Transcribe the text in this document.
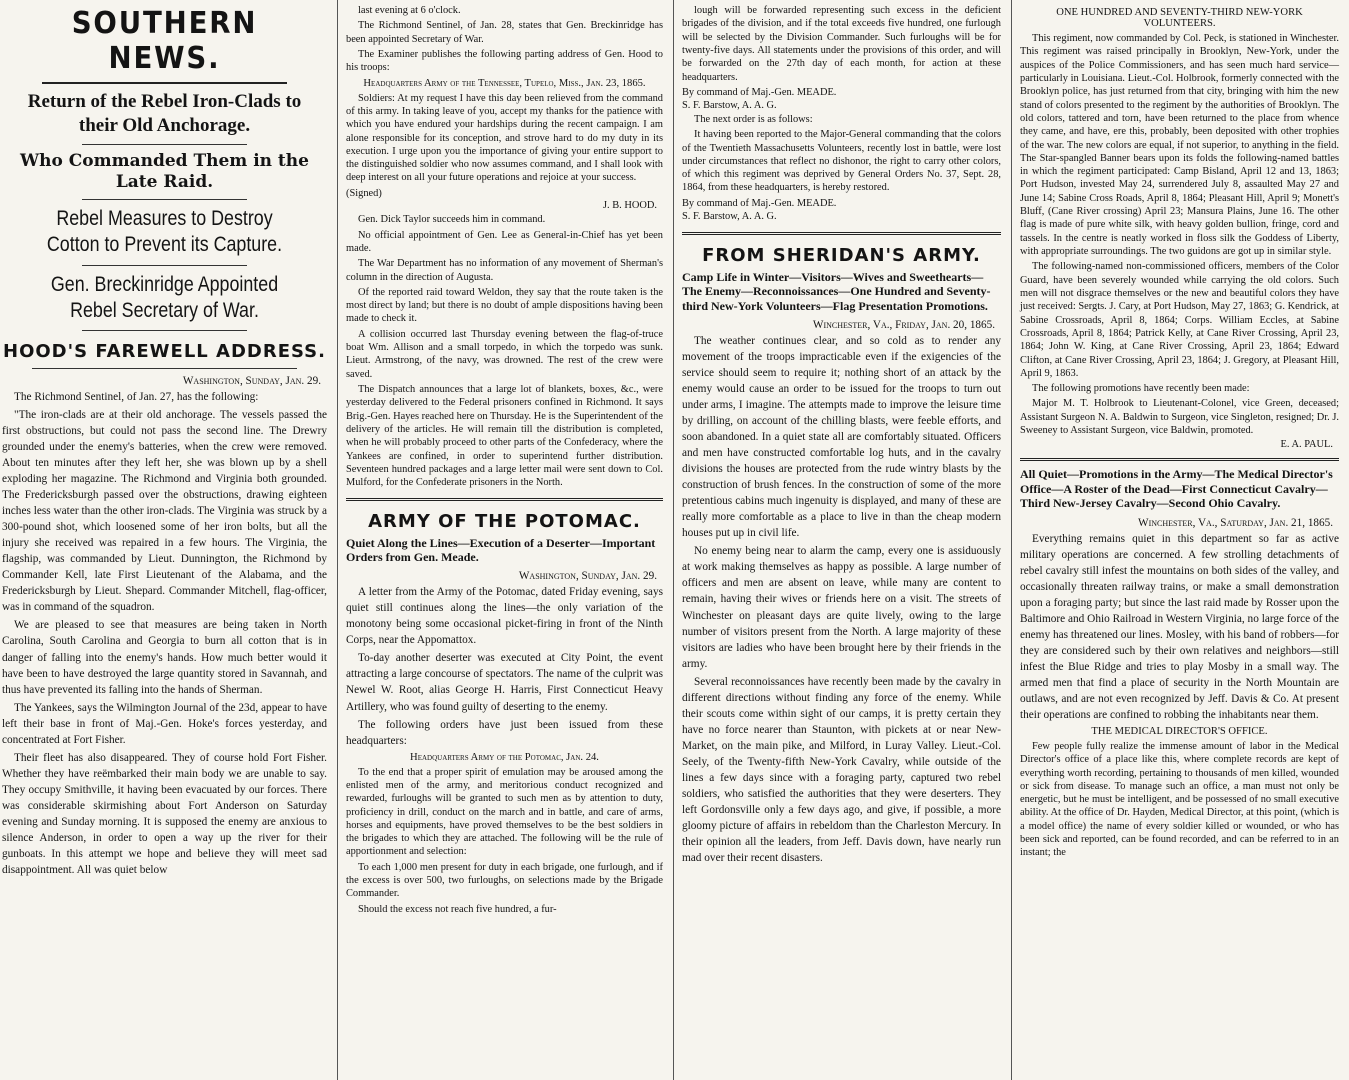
SOUTHERN NEWS.
Return of the Rebel Iron-Clads to their Old Anchorage.
Who Commanded Them in the Late Raid.
Rebel Measures to Destroy Cotton to Prevent its Capture.
Gen. Breckinridge Appointed Rebel Secretary of War.
HOOD'S FAREWELL ADDRESS.
Washington, Sunday, Jan. 29.

The Richmond Sentinel, of Jan. 27, has the following:

"The iron-clads are at their old anchorage. The vessels passed the first obstructions, but could not pass the second line. The Drewry grounded under the enemy's batteries, when the crew were removed. About ten minutes after they left her, she was blown up by a shell exploding her magazine. The Richmond and Virginia both grounded. The Fredericksburgh passed over the obstructions, drawing eighteen inches less water than the other iron-clads. The Virginia was struck by a 300-pound shot, which loosened some of her iron bolts, but all the injury she received was repaired in a few hours. The Virginia, the flagship, was commanded by Lieut. Dunnington, the Richmond by Commander Kell, late First Lieutenant of the Alabama, and the Fredericksburgh by Lieut. Shepard. Commander Mitchell, flag-officer, was in command of the squadron.

We are pleased to see that measures are being taken in North Carolina, South Carolina and Georgia to burn all cotton that is in danger of falling into the enemy's hands. How much better would it have been to have destroyed the large quantity stored in Savannah, and thus have prevented its falling into the hands of Sherman.

The Yankees, says the Wilmington Journal of the 23d, appear to have left their base in front of Maj.-Gen. Hoke's forces yesterday, and concentrated at Fort Fisher.

Their fleet has also disappeared. They of course hold Fort Fisher. Whether they have reëmbarked their main body we are unable to say. They occupy Smithville, it having been evacuated by our forces. There was considerable skirmishing about Fort Anderson on Saturday evening and Sunday morning. It is supposed the enemy are anxious to silence Anderson, in order to open a way up the river for their gunboats. In this attempt we hope and believe they will meet sad disappointment. All was quiet below

last evening at 6 o'clock.

The Richmond Sentinel, of Jan. 28, states that Gen. Breckinridge has been appointed Secretary of War.

The Examiner publishes the following parting address of Gen. Hood to his troops:

Headquarters Army of the Tennessee, Tupelo, Miss., Jan. 23, 1865.

Soldiers: At my request I have this day been relieved from the command of this army. In taking leave of you, accept my thanks for the patience with which you have endured your hardships during the recent campaign. I am alone responsible for its conception, and strove hard to do my duty in its execution. I urge upon you the importance of giving your entire support to the distinguished soldier who now assumes command, and I shall look with deep interest on all your future operations and rejoice at your success.

(Signed)
J. B. HOOD.

Gen. Dick Taylor succeeds him in command.

No official appointment of Gen. Lee as General-in-Chief has yet been made.

The War Department has no information of any movement of Sherman's column in the direction of Augusta.

Of the reported raid toward Weldon, they say that the route taken is the most direct by land; but there is no doubt of ample dispositions having been made to check it.

A collision occurred last Thursday evening between the flag-of-truce boat Wm. Allison and a small torpedo, in which the torpedo was sunk. Lieut. Armstrong, of the navy, was drowned. The rest of the crew were saved.

The Dispatch announces that a large lot of blankets, boxes, &c., were yesterday delivered to the Federal prisoners confined in Richmond. It says Brig.-Gen. Hayes reached here on Thursday. He is the Superintendent of the delivery of the articles. He will remain till the distribution is completed, when he will probably proceed to other parts of the Confederacy, where the Yankees are confined, in order to superintend further distribution. Seventeen hundred packages and a large letter mail were sent down to Col. Mulford, for the Confederate prisoners in the North.

ARMY OF THE POTOMAC.
Quiet Along the Lines—Execution of a Deserter—Important Orders from Gen. Meade.
Washington, Sunday, Jan. 29.

A letter from the Army of the Potomac, dated Friday evening, says quiet still continues along the lines—the only variation of the monotony being some occasional picket-firing in front of the Ninth Corps, near the Appomattox.

To-day another deserter was executed at City Point, the event attracting a large concourse of spectators. The name of the culprit was Newel W. Root, alias George H. Harris, First Connecticut Heavy Artillery, who was found guilty of deserting to the enemy.

The following orders have just been issued from these headquarters:

Headquarters Army of the Potomac, Jan. 24.

To the end that a proper spirit of emulation may be aroused among the enlisted men of the army, and meritorious conduct recognized and rewarded, furloughs will be granted to such men as by attention to duty, proficiency in drill, conduct on the march and in battle, and care of arms, horses and equipments, have proved themselves to be the best soldiers in the brigades to which they are attached. The following will be the rule of apportionment and selection:

To each 1,000 men present for duty in each brigade, one furlough, and if the excess is over 500, two furloughs, on selections made by the Brigade Commander.

Should the excess not reach five hundred, a fur-

lough will be forwarded representing such excess in the deficient brigades of the division, and if the total exceeds five hundred, one furlough will be selected by the Division Commander. Such furloughs will be for twenty-five days. All statements under the provisions of this order, and will be forwarded on the 27th day of each month, for action at these headquarters.

By command of Maj.-Gen. MEADE.
S. F. Barstow, A. A. G.

The next order is as follows:

It having been reported to the Major-General commanding that the colors of the Twentieth Massachusetts Volunteers, recently lost in battle, were lost under circumstances that reflect no dishonor, the right to carry other colors, of which this regiment was deprived by General Orders No. 37, Sept. 28, 1864, from these headquarters, is hereby restored.

By command of Maj.-Gen. MEADE.
S. F. Barstow, A. A. G.
FROM SHERIDAN'S ARMY.
Camp Life in Winter—Visitors—Wives and Sweethearts—The Enemy—Reconnoissances—One Hundred and Seventy-third New-York Volunteers—Flag Presentation Promotions.
Winchester, Va., Friday, Jan. 20, 1865.

The weather continues clear, and so cold as to render any movement of the troops impracticable even if the exigencies of the service should seem to require it; nothing short of an attack by the enemy would cause an order to be issued for the troops to turn out under arms, I imagine. The attempts made to improve the leisure time by drilling, on account of the chilling blasts, were feeble efforts, and soon abandoned. In a quiet state all are comfortably situated. Officers and men have constructed comfortable log huts, and in the cavalry divisions the houses are protected from the rude wintry blasts by the construction of brush fences. In the construction of some of the more pretentious cabins much ingenuity is displayed, and many of these are really more comfortable as a place to live in than the cheap modern houses put up in civil life.

No enemy being near to alarm the camp, every one is assiduously at work making themselves as happy as possible. A large number of officers and men are absent on leave, while many are content to remain, having their wives or friends here on a visit. The streets of Winchester on pleasant days are quite lively, owing to the large number of visitors present from the North. A large majority of these visitors are ladies who have been brought here by their friends in the army.

Several reconnoissances have recently been made by the cavalry in different directions without finding any force of the enemy. While their scouts come within sight of our camps, it is pretty certain they have no force nearer than Staunton, with pickets at or near New-Market, on the main pike, and Milford, in Luray Valley. Lieut.-Col. Seely, of the Twenty-fifth New-York Cavalry, while outside of the lines a few days since with a foraging party, captured two rebel soldiers, who satisfied the authorities that they were deserters. They left Gordonsville only a few days ago, and give, if possible, a more gloomy picture of affairs in rebeldom than the Charleston Mercury. In their opinion all the leaders, from Jeff. Davis down, have nearly run mad over their recent disasters.

ONE HUNDRED AND SEVENTY-THIRD NEW-YORK VOLUNTEERS.

This regiment, now commanded by Col. Peck, is stationed in Winchester. This regiment was raised principally in Brooklyn, New-York, under the auspices of the Police Commissioners, and has seen much hard service—particularly in Louisiana. Lieut.-Col. Holbrook, formerly connected with the Brooklyn police, has just returned from that city, bringing with him the new stand of colors presented to the regiment by the authorities of Brooklyn. The old colors, tattered and torn, have been returned to the place from whence they came, and have, ere this, probably, been deposited with other trophies of the war. The new colors are equal, if not superior, to anything in the field. The Star-spangled Banner bears upon its folds the following-named battles in which the regiment participated: Camp Bisland, April 12 and 13, 1863; Port Hudson, invested May 24, surrendered July 8, assaulted May 27 and June 14; Sabine Cross Roads, April 8, 1864; Pleasant Hill, April 9; Monett's Bluff, (Cane River crossing) April 23; Mansura Plains, June 16. The other flag is made of pure white silk, with heavy golden bullion, fringe, cord and tassels. In the centre is neatly worked in floss silk the Goddess of Liberty, with appropriate surroundings. The two guidons are got up in similar style.

The following-named non-commissioned officers, members of the Color Guard, have been severely wounded while carrying the old colors. Such men will not disgrace themselves or the new and beautiful colors they have just received: Sergts. J. Cary, at Port Hudson, May 27, 1863; G. Kendrick, at Sabine Crossroads, April 8, 1864; Corps. William Eccles, at Sabine Crossroads, April 8, 1864; Patrick Kelly, at Cane River Crossing, April 23, 1864; John W. King, at Cane River Crossing, April 23, 1864; Edward Clifton, at Cane River Crossing, April 23, 1864; J. Gregory, at Pleasant Hill, April 9, 1863.

The following promotions have recently been made:

Major M. T. Holbrook to Lieutenant-Colonel, vice Green, deceased; Assistant Surgeon N. A. Baldwin to Surgeon, vice Singleton, resigned; Dr. J. Sweeney to Assistant Surgeon, vice Baldwin, promoted.

E. A. PAUL.
All Quiet—Promotions in the Army—The Medical Director's Office—A Roster of the Dead—First Connecticut Cavalry—Third New-Jersey Cavalry—Second Ohio Cavalry.
Winchester, Va., Saturday, Jan. 21, 1865.

Everything remains quiet in this department so far as active military operations are concerned. A few strolling detachments of rebel cavalry still infest the mountains on both sides of the valley, and occasionally threaten railway trains, or make a small demonstration upon a foraging party; but since the last raid made by Rosser upon the Baltimore and Ohio Railroad in Western Virginia, no large force of the enemy has threatened our lines. Mosley, with his band of robbers—for they are considered such by their own relatives and neighbors—still infest the Blue Ridge and tries to play Mosby in a small way. The armed men that find a place of security in the North Mountain are outlaws, and are not even recognized by Jeff. Davis & Co. At present their operations are confined to robbing the inhabitants near them.

THE MEDICAL DIRECTOR'S OFFICE.

Few people fully realize the immense amount of labor in the Medical Director's office of a place like this, where complete records are kept of everything worth recording, pertaining to thousands of men killed, wounded or sick from disease. To manage such an office, a man must not only be energetic, but he must be intelligent, and be possessed of no small executive ability. At the office of Dr. Hayden, Medical Director, at this point, (which is a model office) the name of every soldier killed or wounded, or who has been sick and reported, can be found recorded, and can be referred to in an instant; the
